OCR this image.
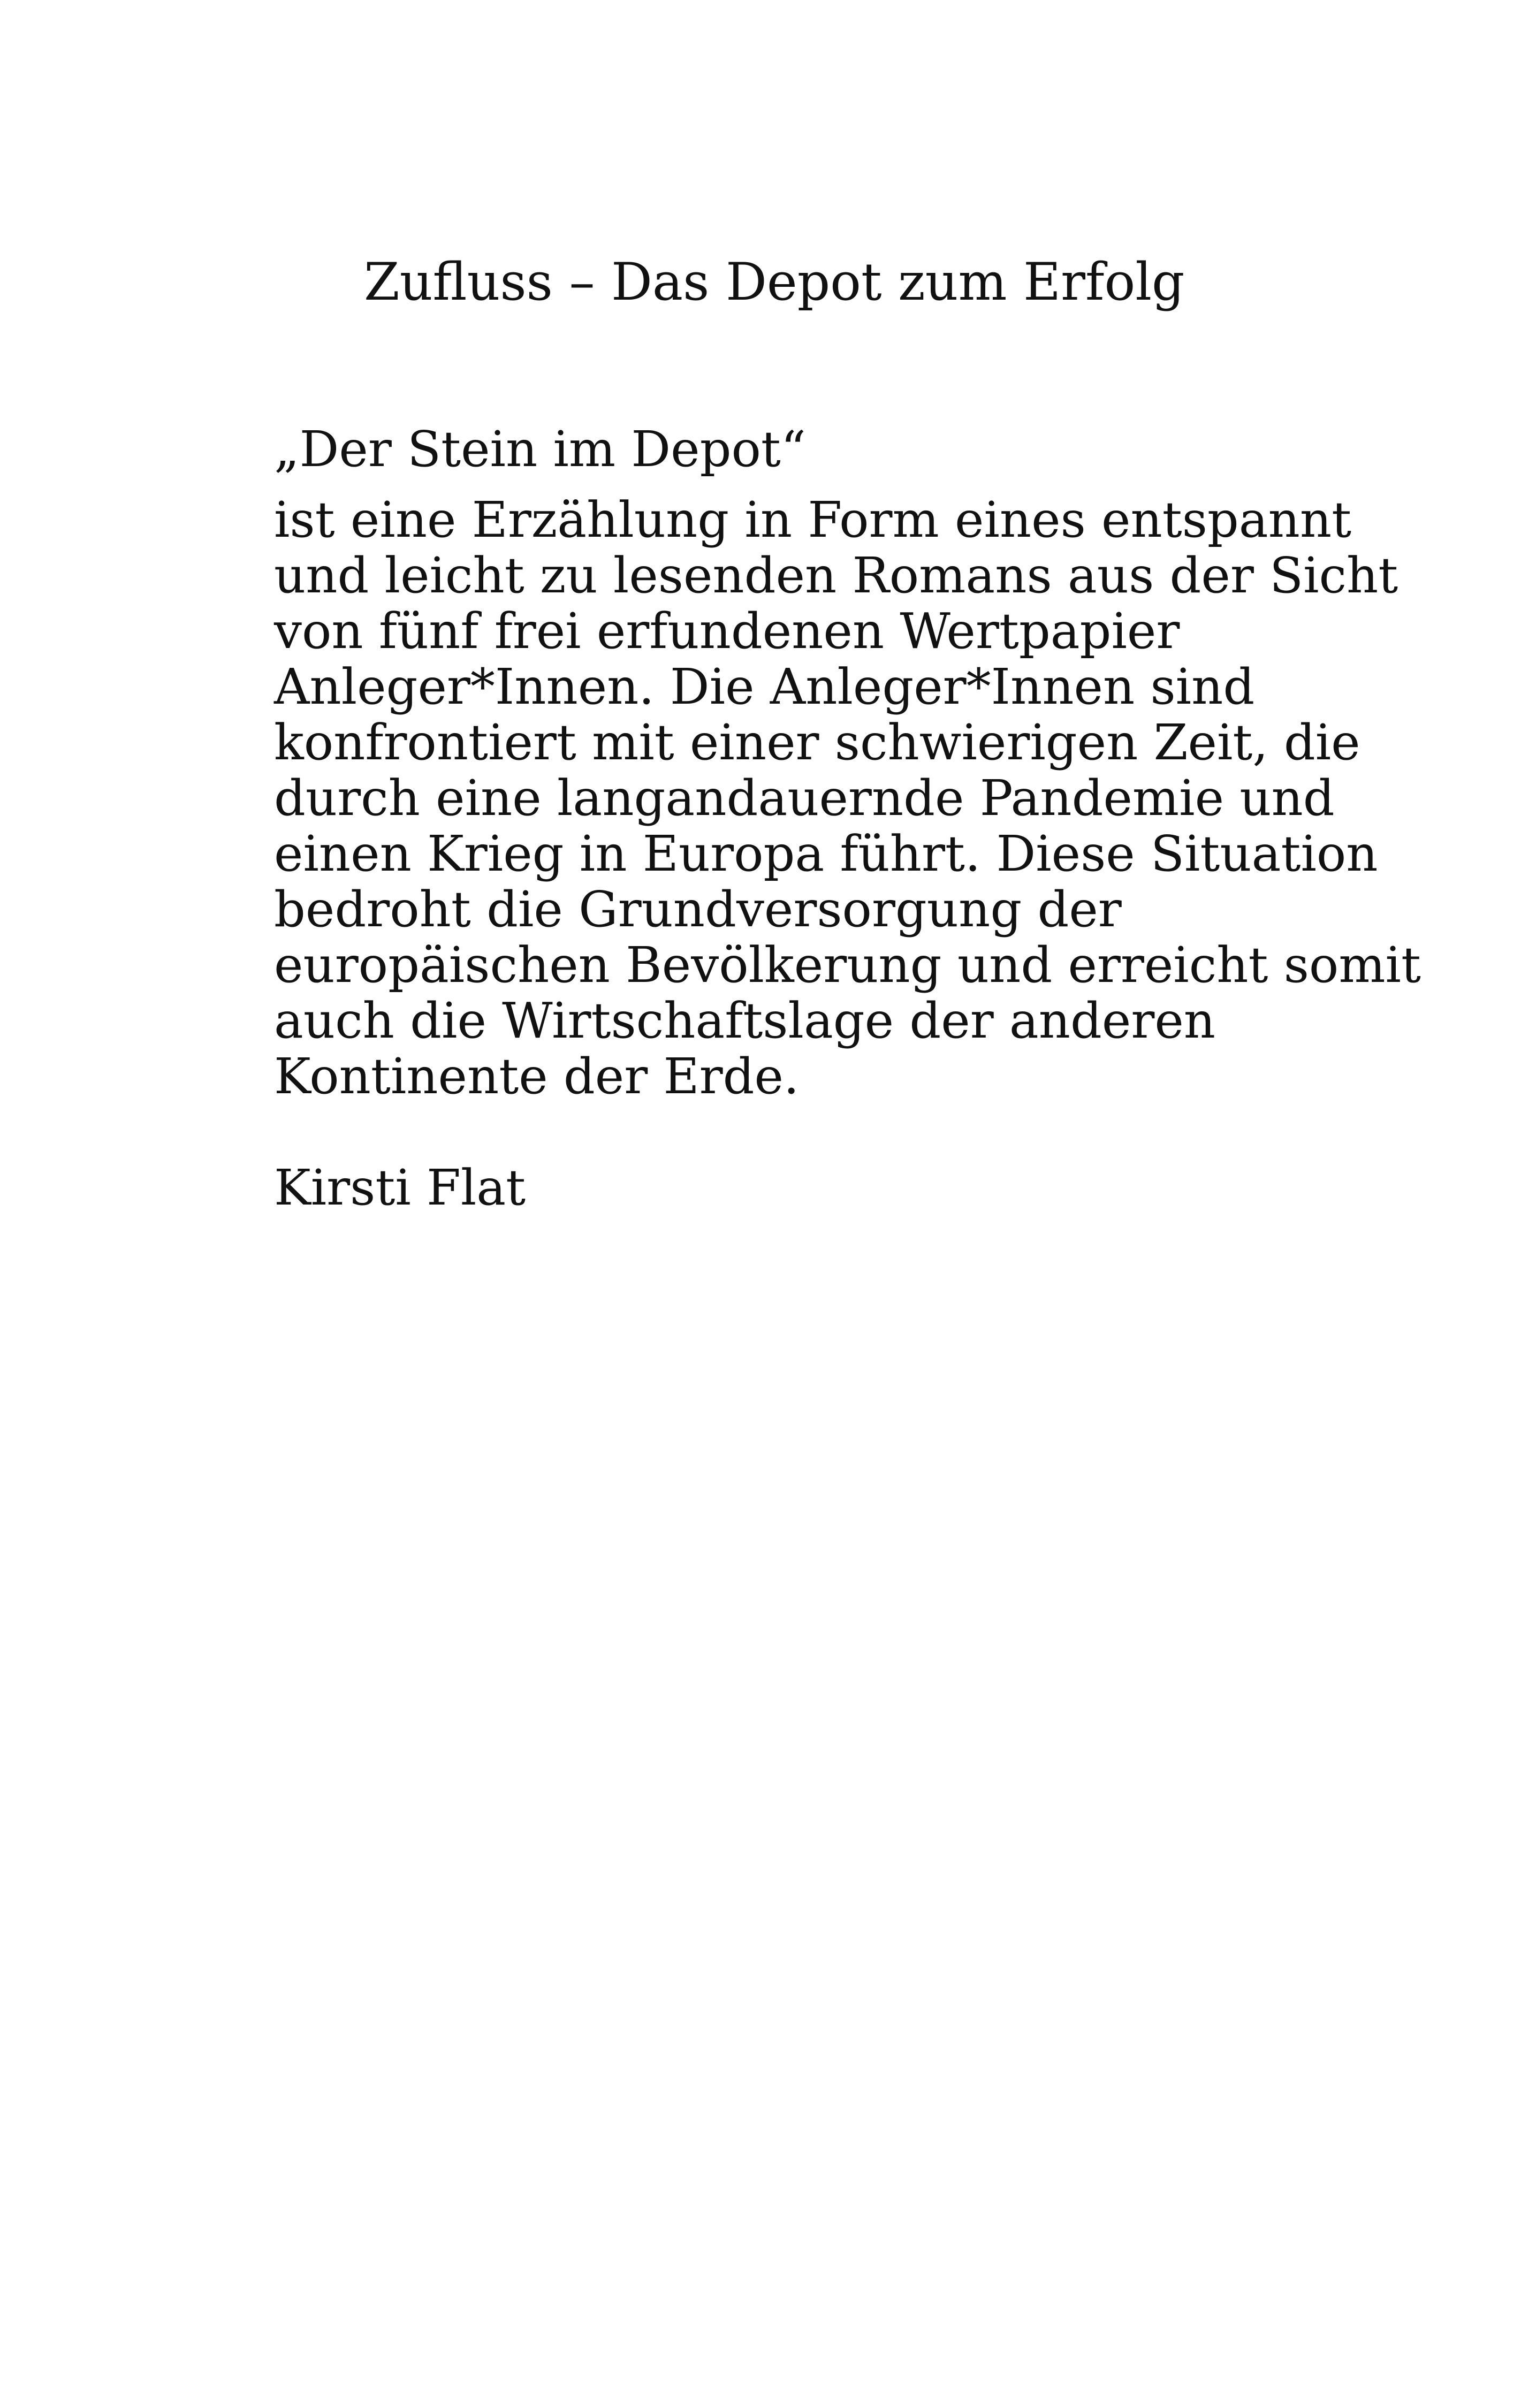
Zufluss – Das Depot zum Erfolg

„Der Stein im Depot“

ist eine Erzählung in Form eines entspannt
und leicht zu lesenden Romans aus der Sicht
von fünf frei erfundenen Wertpapier
Anleger*Innen. Die Anleger*Innen sind
konfrontiert mit einer schwierigen Zeit, die
durch eine langandauernde Pandemie und
einen Krieg in Europa führt. Diese Situation
bedroht die Grundversorgung der
europäischen Bevölkerung und erreicht somit
auch die Wirtschaftslage der anderen
Kontinente der Erde.

Kirsti Flat
